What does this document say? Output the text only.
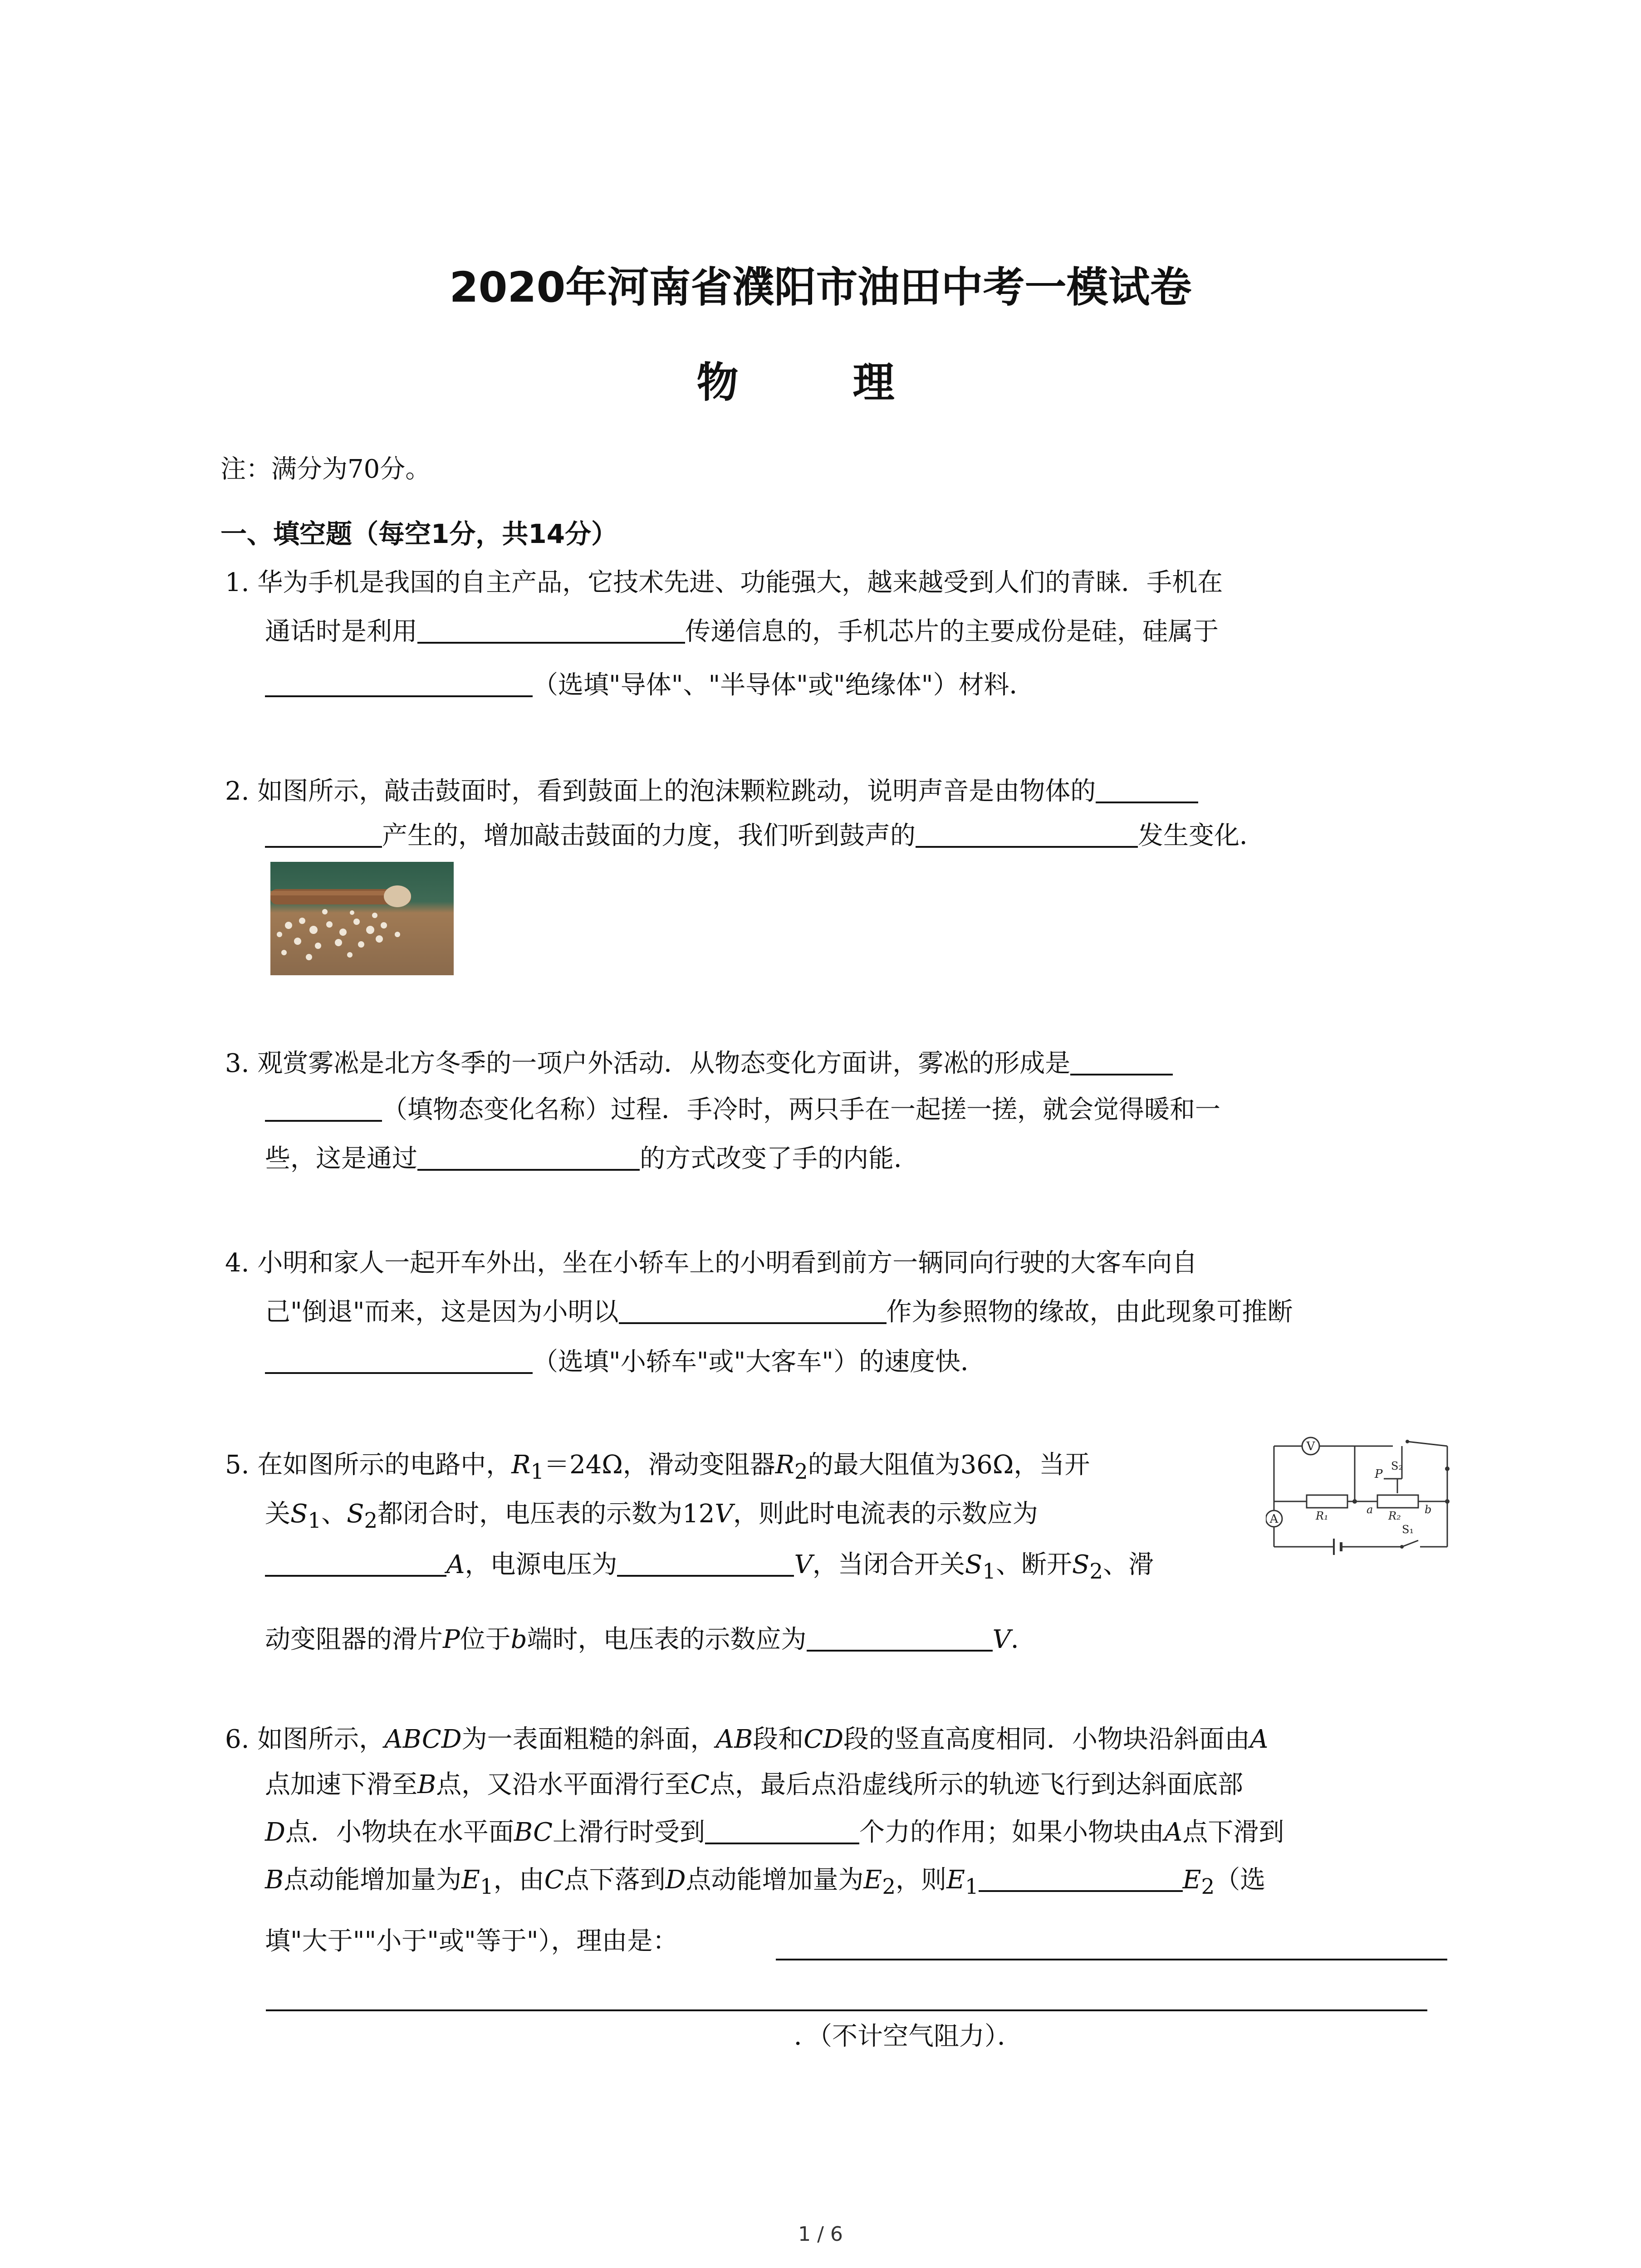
2020年河南省濮阳市油田中考一模试卷
物 理
注：满分为70分。
一、填空题（每空1分，共14分）
1. 华为手机是我国的自主产品，它技术先进、功能强大，越来越受到人们的青睐．手机在
通话时是利用	传递信息的，手机芯片的主要成份是硅，硅属于
（选填"导体"、"半导体"或"绝缘体"）材料．
2. 如图所示，敲击鼓面时，看到鼓面上的泡沫颗粒跳动，说明声音是由物体的
产生的，增加敲击鼓面的力度，我们听到鼓声的	发生变化．
3. 观赏雾凇是北方冬季的一项户外活动．从物态变化方面讲，雾凇的形成是
（填物态变化名称）过程．手冷时，两只手在一起搓一搓，就会觉得暖和一
些，这是通过	的方式改变了手的内能．
4. 小明和家人一起开车外出，坐在小轿车上的小明看到前方一辆同向行驶的大客车向自
己"倒退"而来，这是因为小明以	作为参照物的缘故，由此现象可推断
（选填"小轿车"或"大客车"）的速度快．
5. 在如图所示的电路中，$R_1=24\Omega$，滑动变阻器$R_2$的最大阻值为36Ω，当开
关$S_1$、$S_2$都闭合时，电压表的示数为12V，则此时电流表的示数应为
A，电源电压为	V，当闭合开关$S_1$、断开$S_2$、滑
动变阻器的滑片P位于b端时，电压表的示数应为	V．
V
A
S₂
P
R₁	R₂
a	b
S₁
6. 如图所示，ABCD为一表面粗糙的斜面，AB段和CD段的竖直高度相同．小物块沿斜面由A
点加速下滑至B点，又沿水平面滑行至C点，最后点沿虚线所示的轨迹飞行到达斜面底部
D点．小物块在水平面BC上滑行时受到	个力的作用；如果小物块由A点下滑到
B点动能增加量为$E_1$，由C点下落到D点动能增加量为$E_2$，则$E_1$	$E_2$（选
填"大于""小于"或"等于"），理由是：
．（不计空气阻力）．
1 / 6
